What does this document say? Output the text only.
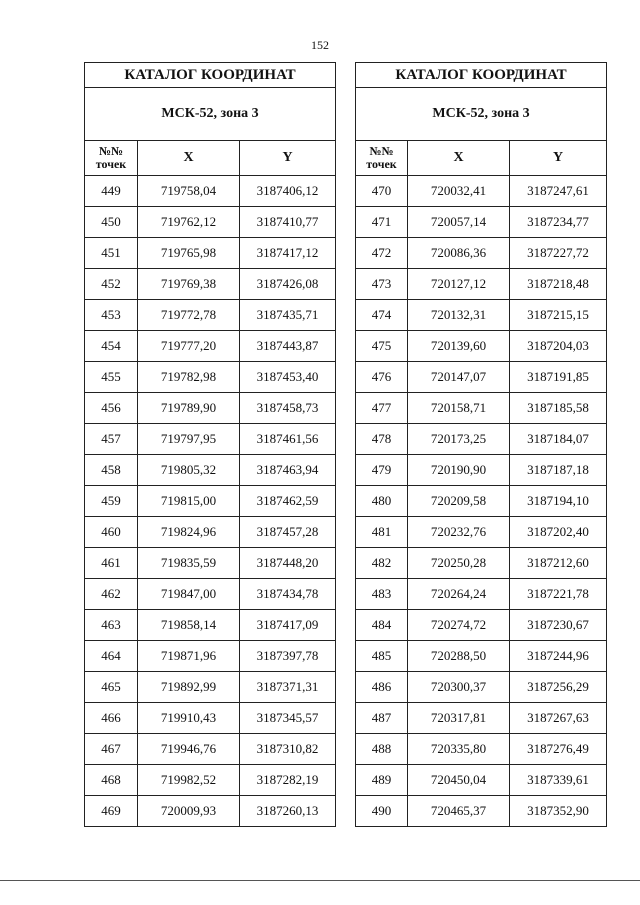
152
КАТАЛОГ КООРДИНАТ		
МСК-52, зона 3		
№№
точек	X	Y
449	719758,04	3187406,12
450	719762,12	3187410,77
451	719765,98	3187417,12
452	719769,38	3187426,08
453	719772,78	3187435,71
454	719777,20	3187443,87
455	719782,98	3187453,40
456	719789,90	3187458,73
457	719797,95	3187461,56
458	719805,32	3187463,94
459	719815,00	3187462,59
460	719824,96	3187457,28
461	719835,59	3187448,20
462	719847,00	3187434,78
463	719858,14	3187417,09
464	719871,96	3187397,78
465	719892,99	3187371,31
466	719910,43	3187345,57
467	719946,76	3187310,82
468	719982,52	3187282,19
469	720009,93	3187260,13
КАТАЛОГ КООРДИНАТ		
МСК-52, зона 3		
№№
точек	X	Y
470	720032,41	3187247,61
471	720057,14	3187234,77
472	720086,36	3187227,72
473	720127,12	3187218,48
474	720132,31	3187215,15
475	720139,60	3187204,03
476	720147,07	3187191,85
477	720158,71	3187185,58
478	720173,25	3187184,07
479	720190,90	3187187,18
480	720209,58	3187194,10
481	720232,76	3187202,40
482	720250,28	3187212,60
483	720264,24	3187221,78
484	720274,72	3187230,67
485	720288,50	3187244,96
486	720300,37	3187256,29
487	720317,81	3187267,63
488	720335,80	3187276,49
489	720450,04	3187339,61
490	720465,37	3187352,90
